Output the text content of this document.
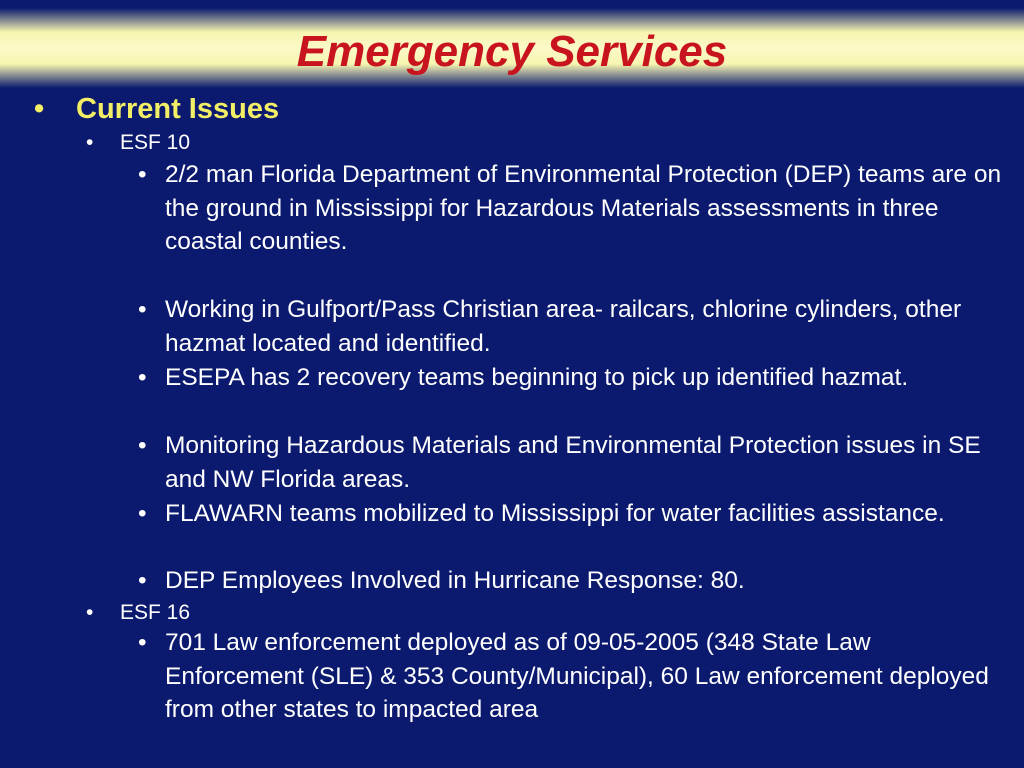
Emergency Services
• Current Issues
• ESF 10
• 2/2 man Florida Department of Environmental Protection (DEP) teams are on the ground in Mississippi for Hazardous Materials assessments in three coastal counties.
• Working in Gulfport/Pass Christian area- railcars, chlorine cylinders, other hazmat located and identified.
• ESEPA has 2 recovery teams beginning to pick up identified hazmat.
• Monitoring Hazardous Materials and Environmental Protection issues in SE and NW Florida areas.
• FLAWARN teams mobilized to Mississippi for water facilities assistance.
• DEP Employees Involved in Hurricane Response: 80.
• ESF 16
• 701 Law enforcement deployed as of 09-05-2005 (348 State Law Enforcement (SLE) & 353 County/Municipal), 60 Law enforcement deployed from other states to impacted area
